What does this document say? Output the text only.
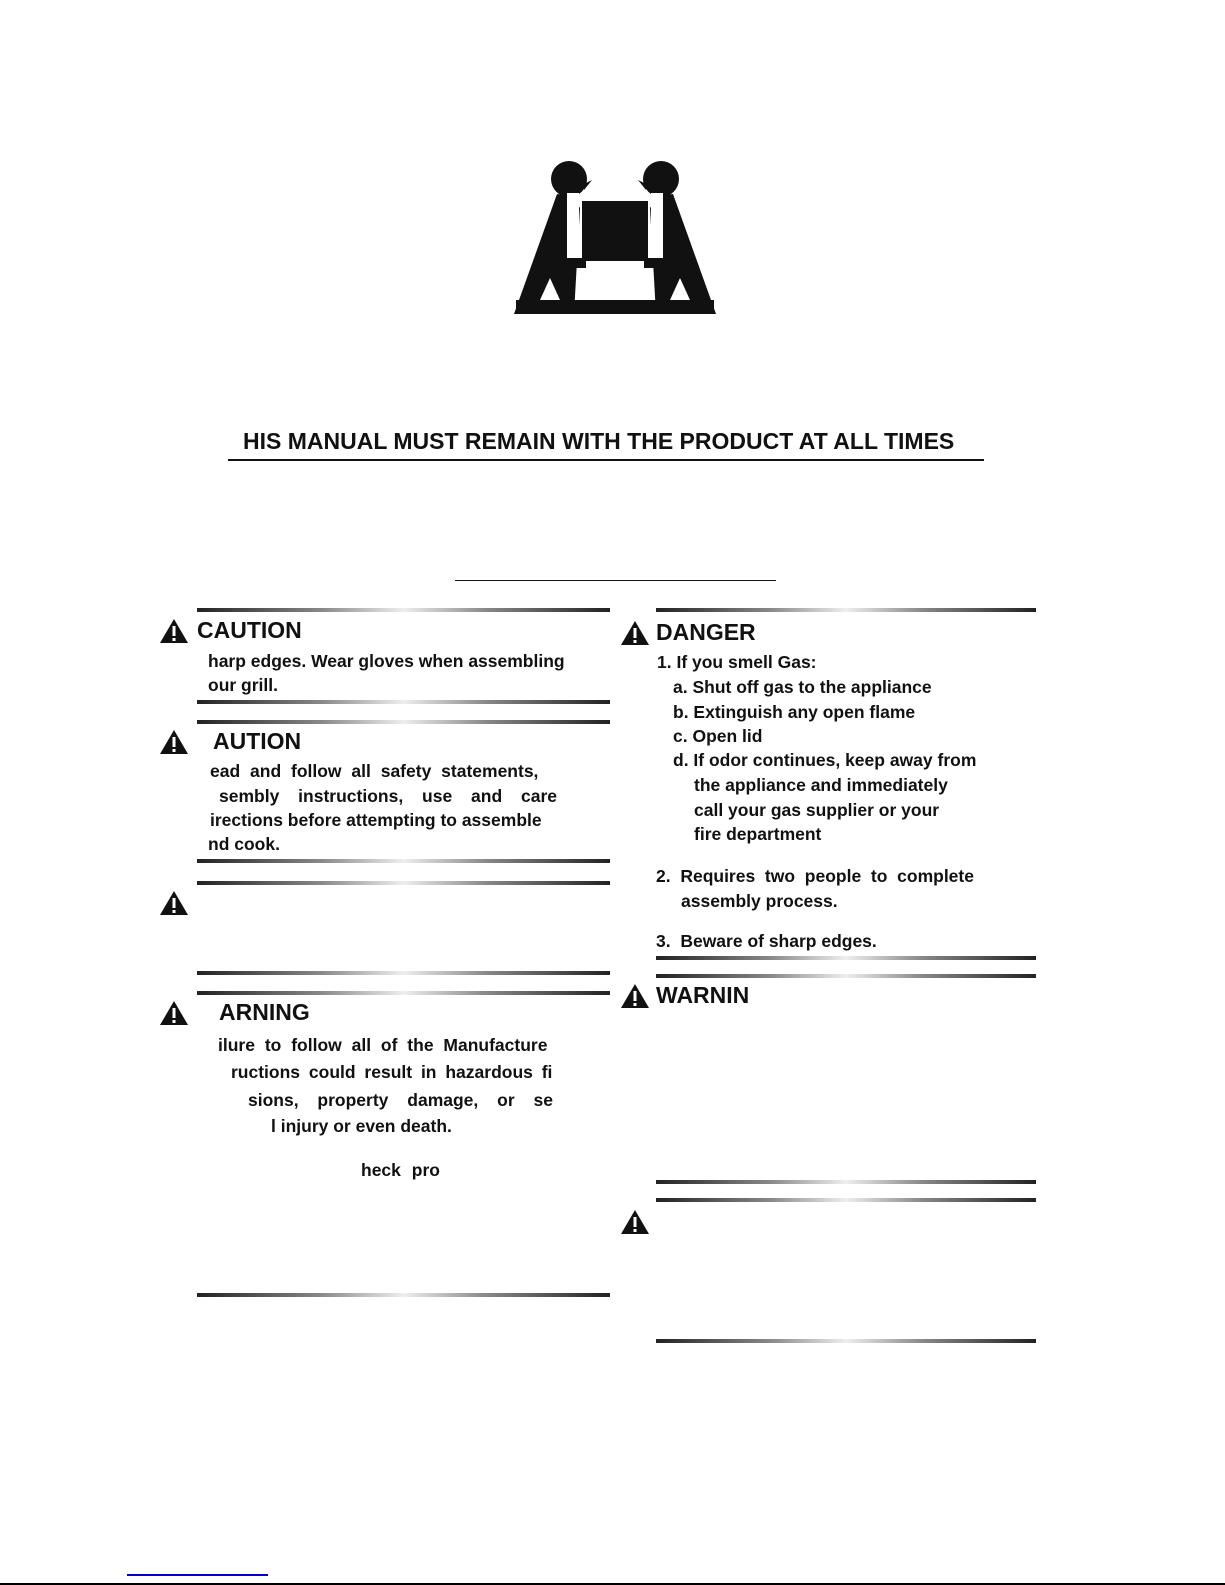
HIS MANUAL MUST REMAIN WITH THE PRODUCT AT ALL TIMES
CAUTION
harp edges. Wear gloves when assembling
our grill.
AUTION
ead and follow all safety statements,
sembly instructions, use and care
irections before attempting to assemble
nd cook.
ARNING
ilure to follow all of the Manufacture
ructions could result in hazardous fi
sions, property damage, or se
l injury or even death.
heck pro
DANGER
1. If you smell Gas:
a. Shut off gas to the appliance
b. Extinguish any open flame
c. Open lid
d. If odor continues, keep away from
the appliance and immediately
call your gas supplier or your
fire department
2.  Requires  two  people  to  complete
assembly process.
3.  Beware of sharp edges.
WARNIN
